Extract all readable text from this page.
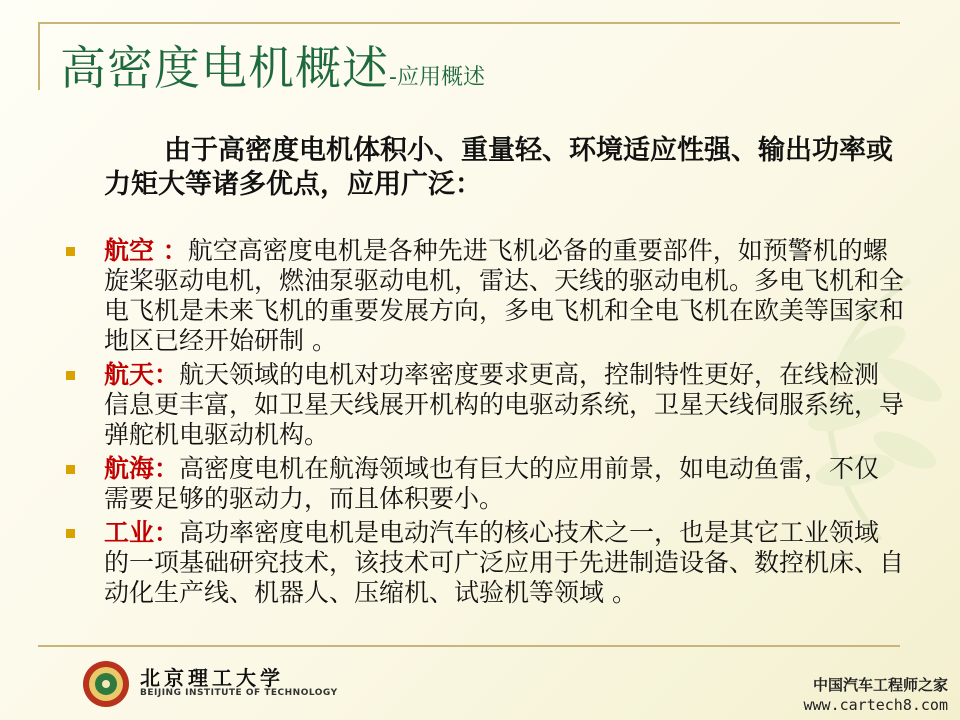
高密度电机概述-应用概述
由于高密度电机体积小、重量轻、环境适应性强、输出功率或力矩大等诸多优点，应用广泛：
航空 ：航空高密度电机是各种先进飞机必备的重要部件，如预警机的螺旋桨驱动电机，燃油泵驱动电机，雷达、天线的驱动电机。多电飞机和全电飞机是未来飞机的重要发展方向，多电飞机和全电飞机在欧美等国家和地区已经开始研制 。
航天：航天领域的电机对功率密度要求更高，控制特性更好，在线检测信息更丰富，如卫星天线展开机构的电驱动系统，卫星天线伺服系统，导弹舵机电驱动机构。
航海：高密度电机在航海领域也有巨大的应用前景，如电动鱼雷，不仅需要足够的驱动力，而且体积要小。
工业：高功率密度电机是电动汽车的核心技术之一，也是其它工业领域的一项基础研究技术，该技术可广泛应用于先进制造设备、数控机床、自动化生产线、机器人、压缩机、试验机等领域 。
北京理工大学
BEIJING INSTITUTE OF TECHNOLOGY	中国汽车工程师之家
www.cartech8.com
